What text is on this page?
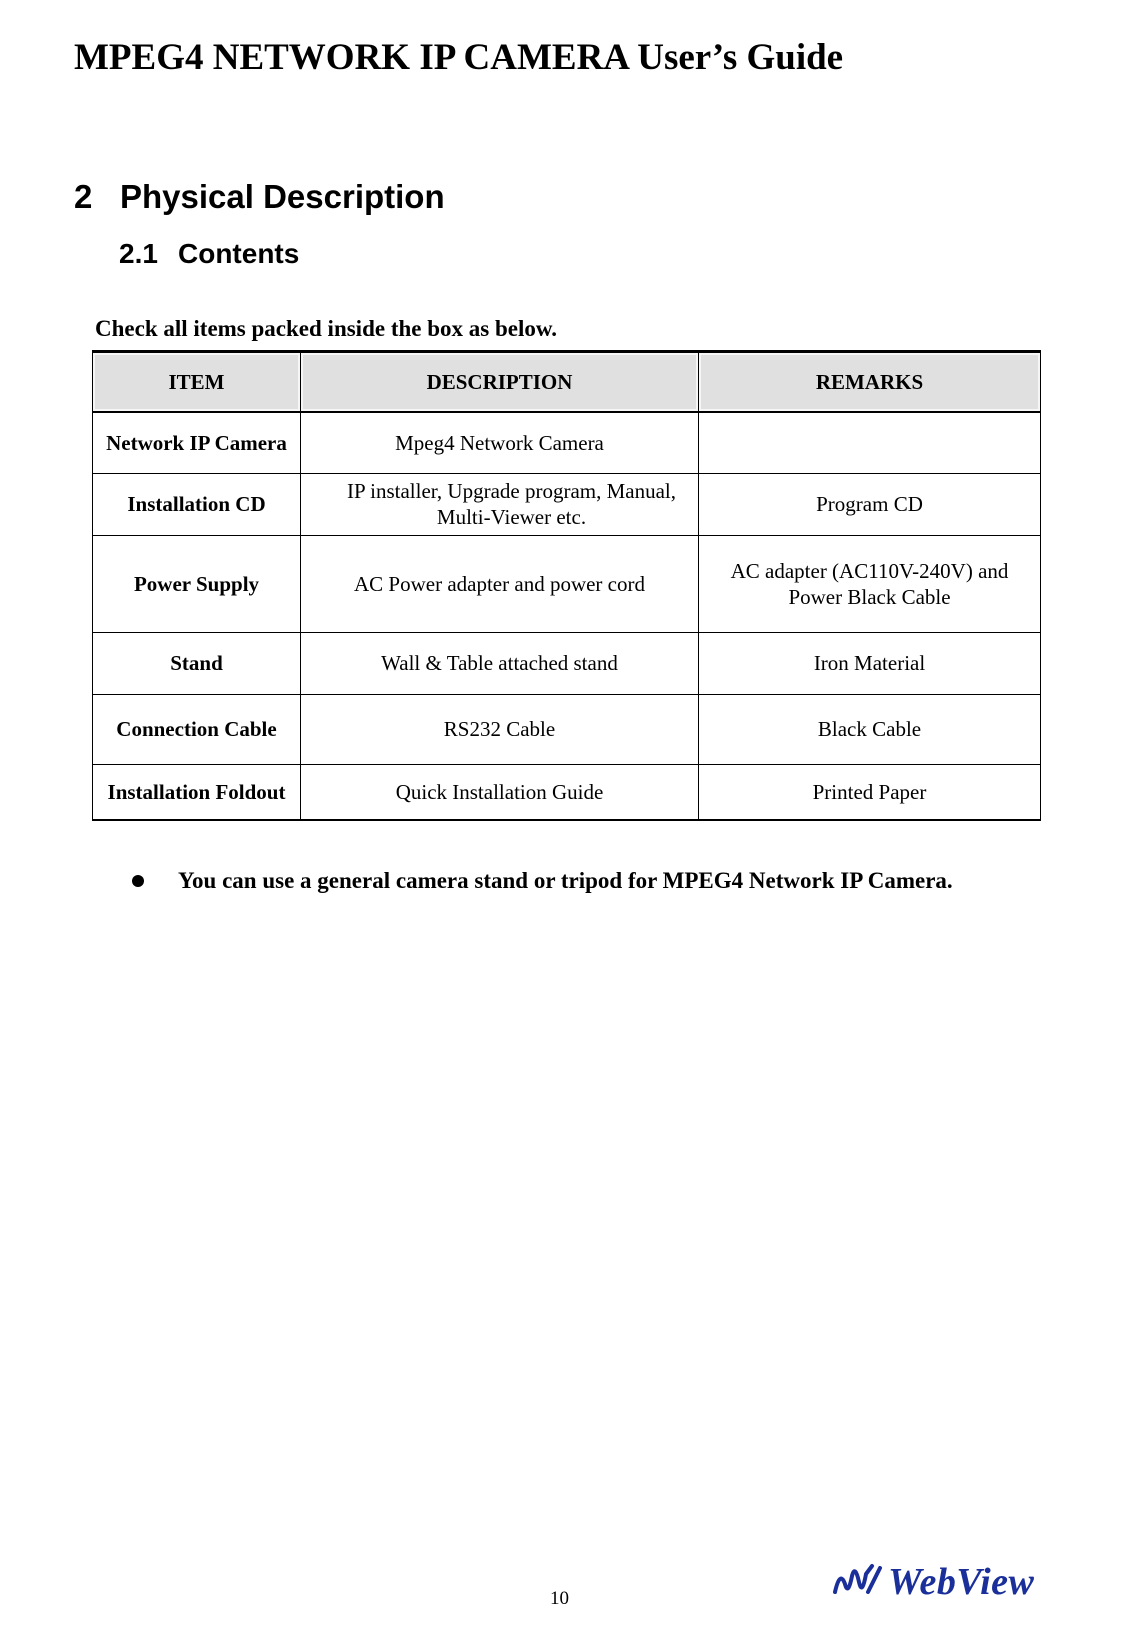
MPEG4 NETWORK IP CAMERA User’s Guide
2 Physical Description
2.1 Contents
Check all items packed inside the box as below.
ITEM	DESCRIPTION	REMARKS
Network IP Camera	Mpeg4 Network Camera	
Installation CD	IP installer, Upgrade program, Manual, Multi-Viewer etc.	Program CD
Power Supply	AC Power adapter and power cord	AC adapter (AC110V-240V) and Power Black Cable
Stand	Wall & Table attached stand	Iron Material
Connection Cable	RS232 Cable	Black Cable
Installation Foldout	Quick Installation Guide	Printed Paper
You can use a general camera stand or tripod for MPEG4 Network IP Camera.
10	WebView
